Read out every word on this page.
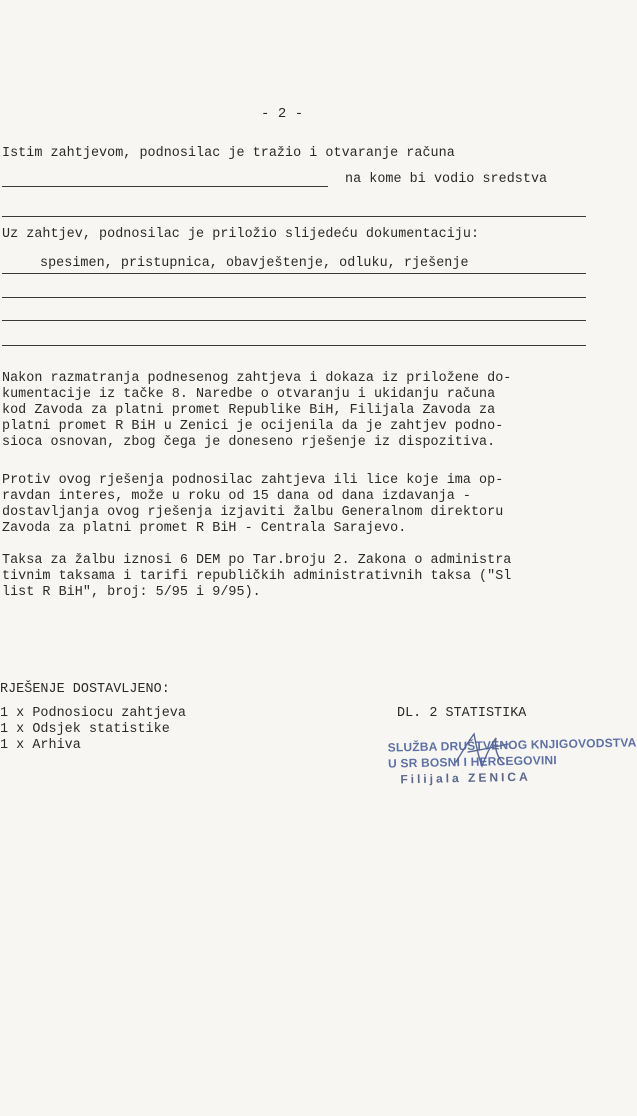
- 2 -
Istim zahtjevom, podnosilac je tražio i otvaranje računa
na kome bi vodio sredstva
Uz zahtjev, podnosilac je priložio slijedeću dokumentaciju:
spesimen, pristupnica, obavještenje, odluku, rješenje
Nakon razmatranja podnesenog zahtjeva i dokaza iz priložene do-
kumentacije iz tačke 8. Naredbe o otvaranju i ukidanju računa
kod Zavoda za platni promet Republike BiH, Filijala Zavoda za
platni promet R BiH u Zenici je ocijenila da je zahtjev podno-
sioca osnovan, zbog čega je doneseno rješenje iz dispozitiva.
Protiv ovog rješenja podnosilac zahtjeva ili lice koje ima op-
ravdan interes, može u roku od 15 dana od dana izdavanja -
dostavljanja ovog rješenja izjaviti žalbu Generalnom direktoru
Zavoda za platni promet R BiH - Centrala Sarajevo.
Taksa za žalbu iznosi 6 DEM po Tar.broju 2. Zakona o administra
tivnim taksama i tarifi republičkih administrativnih taksa ("Sl
list R BiH", broj: 5/95 i 9/95).
RJEŠENJE DOSTAVLJENO:
1 x Podnosiocu zahtjeva
1 x Odsjek statistike
1 x Arhiva
DL. 2 STATISTIKA
SLUŽBA DRUŠTVENOG KNJIGOVODSTVA
U SR BOSNI I HERCEGOVINI
Filijala ZENICA
